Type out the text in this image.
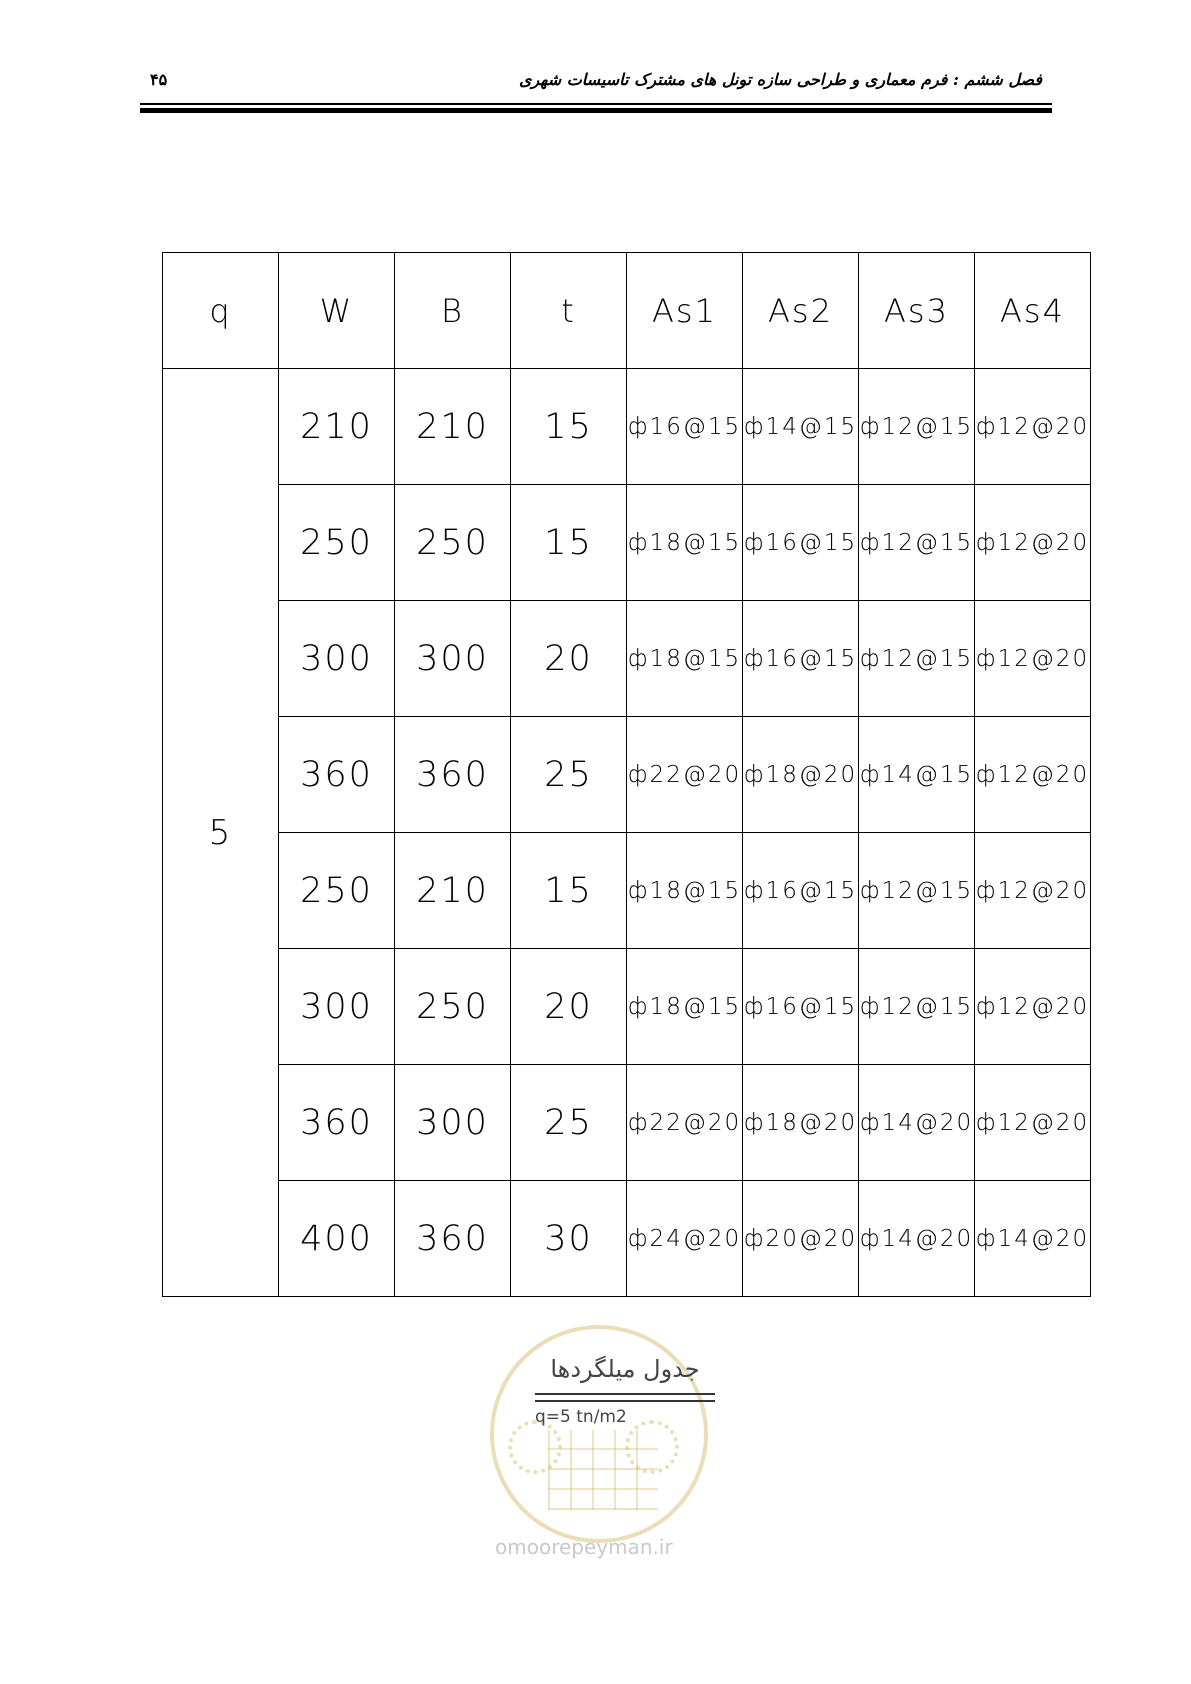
۴۵	فصل ششم : فرم معماری و طراحی سازه تونل های مشترک تاسیسات شهری
q	W	B	t	As1	As2	As3	As4
5	210	210	15	ф16@15	ф14@15	ф12@15	ф12@20
	250	250	15	ф18@15	ф16@15	ф12@15	ф12@20
	300	300	20	ф18@15	ф16@15	ф12@15	ф12@20
	360	360	25	ф22@20	ф18@20	ф14@15	ф12@20
	250	210	15	ф18@15	ф16@15	ф12@15	ф12@20
	300	250	20	ф18@15	ф16@15	ф12@15	ф12@20
	360	300	25	ф22@20	ф18@20	ф14@20	ф12@20
	400	360	30	ф24@20	ф20@20	ф14@20	ф14@20
omoorepeyman.ir
جدول میلگردها
q=5 tn/m2
